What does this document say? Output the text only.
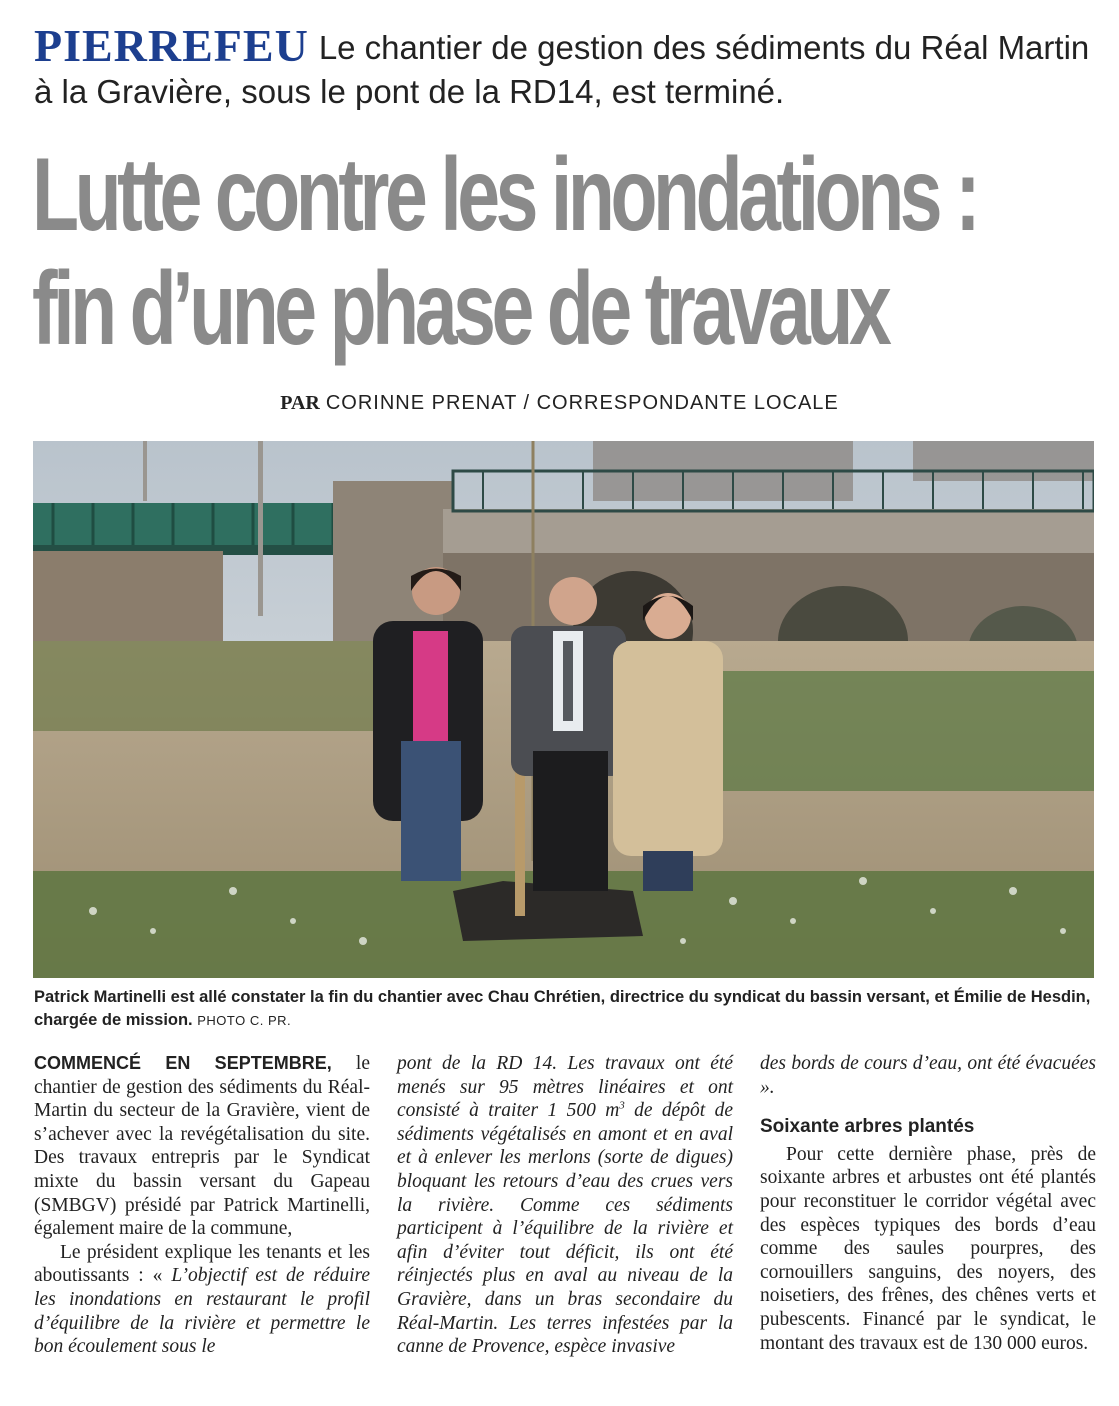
PIERREFEU Le chantier de gestion des sédiments du Réal Martin à la Gravière, sous le pont de la RD14, est terminé.
Lutte contre les inondations :
fin d’une phase de travaux
PAR CORINNE PRENAT / CORRESPONDANTE LOCALE
Patrick Martinelli est allé constater la fin du chantier avec Chau Chrétien, directrice du syndicat du bassin versant, et Émilie de Hesdin, chargée de mission. PHOTO C. PR.

COMMENCÉ EN SEPTEMBRE, le chantier de gestion des sédiments du Réal-Martin du secteur de la Gravière, vient de s’achever avec la revégétalisation du site. Des travaux entrepris par le Syndicat mixte du bassin versant du Gapeau (SMBGV) présidé par Patrick Martinelli, également maire de la commune,

Le président explique les tenants et les aboutissants : « L’objectif est de réduire les inondations en restaurant le profil d’équilibre de la rivière et permettre le bon écoulement sous le

pont de la RD 14. Les travaux ont été menés sur 95 mètres linéaires et ont consisté à traiter 1 500 $m^3$ de dépôt de sédiments végétalisés en amont et en aval et à enlever les merlons (sorte de digues) bloquant les retours d’eau des crues vers la rivière. Comme ces sédiments participent à l’équilibre de la rivière et afin d’éviter tout déficit, ils ont été réinjectés plus en aval au niveau de la Gravière, dans un bras secondaire du Réal-Martin. Les terres infestées par la canne de Provence, espèce invasive

des bords de cours d’eau, ont été évacuées ».

Soixante arbres plantés

Pour cette dernière phase, près de soixante arbres et arbustes ont été plantés pour reconstituer le corridor végétal avec des espèces typiques des bords d’eau comme des saules pourpres, des cornouillers sanguins, des noyers, des noisetiers, des frênes, des chênes verts et pubescents. Financé par le syndicat, le montant des travaux est de 130 000 euros.
